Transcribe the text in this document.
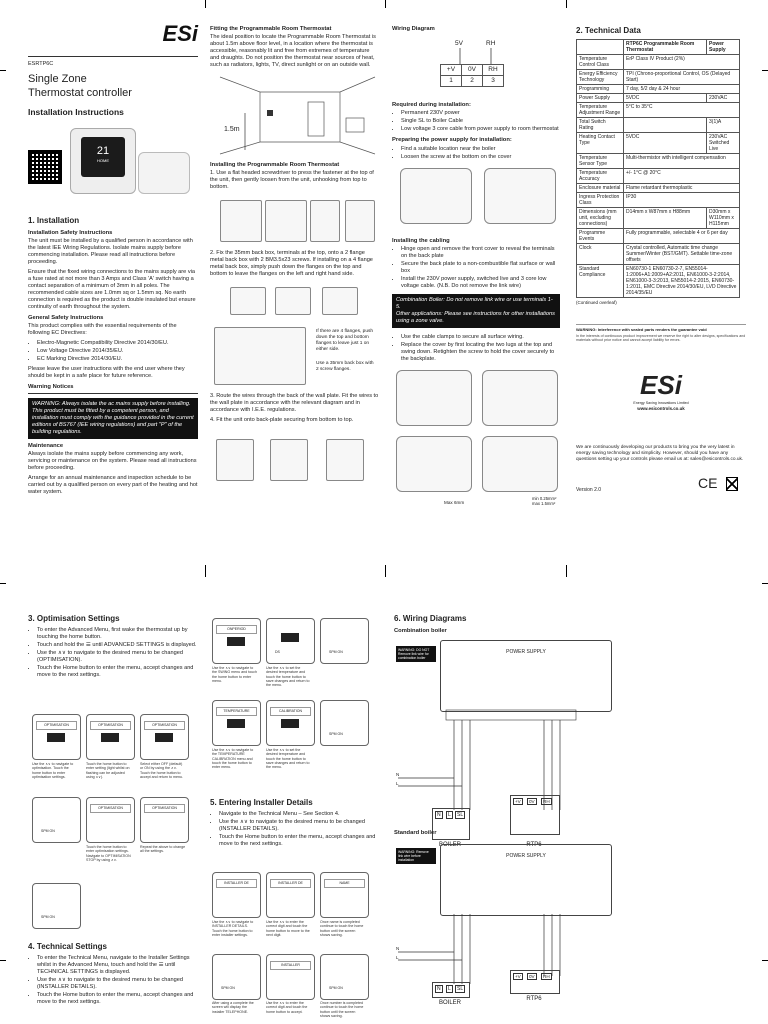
ESi
ESRTP6C
Single Zone
Thermostat controller
Installation Instructions
21
HOME
1. Installation
Installation Safety Instructions

The unit must be installed by a qualified person in accordance with the latest IEE Wiring Regulations. Isolate mains supply before commencing installation. Please read all instructions before proceeding.

Ensure that the fixed wiring connections to the mains supply are via a fuse rated at not more than 3 Amps and Class 'A' switch having a contact separation of a minimum of 3mm in all poles. The recommended cable sizes are 1.0mm sq or 1.5mm sq. No earth connection is required as the product is double insulated but ensure continuity of earth throughout the system.

General Safety Instructions

This product complies with the essential requirements of the following EC Directives:

• Electro-Magnetic Compatibility Directive 2014/30/EU.
• Low Voltage Directive 2014/35/EU.
• EC Marking Directive 2014/30/EU.

Please leave the user instructions with the end user where they should be kept in a safe place for future reference.

Warning Notices
WARNING: Always isolate the ac mains supply before installing. This product must be fitted by a competent person, and installation must comply with the guidance provided in the current editions of BS767 (IEE wiring regulations) and part "P" of the building regulations.
Maintenance

Always isolate the mains supply before commencing any work, servicing or maintenance on the system. Please read all instructions before proceeding.

Arrange for an annual maintenance and inspection schedule to be carried out by a qualified person on every part of the heating and hot water system.

Fitting the Programmable Room Thermostat

The ideal position to locate the Programmable Room Thermostat is about 1.5m above floor level, in a location where the thermostat is accessible, reasonably lit and free from extremes of temperature and draughts. Do not position the thermostat near sources of heat, such as radiators, lights, TV, direct sunlight or on an outside wall.

1.5m
Installing the Programmable Room Thermostat

1. Use a flat headed screwdriver to press the fastener at the top of the unit, then gently loosen from the unit, unhooking from top to bottom.

2. Fix the 35mm back box, terminals at the top, onto a 2 flange metal back box with 2 BM3.5x23 screws. If installing on a 4 flange metal back box, simply push down the flanges on the top and bottom to leave the flanges on the left and right hand side.

If there are 4 flanges, push down the top and bottom flanges to leave just 1 on either side.
Use a 35mm back box with 2 screw flanges.

3. Route the wires through the back of the wall plate. Fit the wires to the wall plate in accordance with the relevant diagram and in accordance with I.E.E. regulations.

4. Fit the unit onto back-plate securing from bottom to top.

Wiring Diagram
5V	RH
+V	0V	RH
1	2	3
Required during installation:
• Permanent 230V power
• Single SL to Boiler Cable
• Low voltage 3 core cable from power supply to room thermostat
Preparing the power supply for installation:
• Find a suitable location near the boiler
• Loosen the screw at the bottom on the cover
Installing the cabling
• Hinge open and remove the front cover to reveal the terminals on the back plate
• Secure the back plate to a non-combustible flat surface or wall box
• Install the 230V power supply, switched live and 3 core low voltage cable. (N.B. Do not remove the link wire)
Combination Boiler: Do not remove link wire or use terminals 1-5.
Other applications: Please see instructions for other installations using a zone valve.
• Use the cable clamps to secure all surface wiring.
• Replace the cover by first locating the two lugs at the top and swing down. Retighten the screw to hold the cover securely to the backplate.
Max 6mm
min 0.25mm² max 1.5mm²
2. Technical Data
	RTP6C Programmable Room Thermostat	Power Supply
Temperature Control Class	ErP Class IV Product (2%)	
Energy Efficiency Technology	TPI (Chrono-proportional Control, OS (Delayed Start)	
Programming	7 day, 5/2 day & 24 hour	
Power Supply	5VDC	230VAC
Temperature Adjustment Range	5°C to 35°C	
Total Switch Rating		3(1)A
Heating Contact Type	5VDC	230VAC Switched Live
Temperature Sensor Type	Multi-thermistor with intelligent compensation	
Temperature Accuracy	+/- 1°C @ 20°C	
Enclosure material	Flame retardant thermoplastic	
Ingress Protection Class	IP30	
Dimensions (mm unit, excluding connections)	D14mm x W87mm x H88mm	D30mm x W110mm x H115mm
Programme Events	Fully programmable, selectable 4 or 6 per day	
Clock	Crystal controlled, Automatic time change Summer/Winter (BST/GMT). Settable time-zone offsets	
Standard Compliance	EN60730-1 EN60730-2-7, EN55014-1:2006+A1:2009+A2:2011, EN61000-3-2:2014, EN61000-3-3:2013, EN55014-2:2015, EN60730-1:2011, EMC Directive 2014/30/EU, LVD Directive 2014/35/EU	
(Continued overleaf)
WARNING: Interference with sealed parts renders the guarantee void
In the interests of continuous product improvement we reserve the right to alter designs, specifications and materials without prior notice and cannot accept liability for errors.
ESi
Energy Saving Innovations Limited
www.esicontrols.co.uk
We are continuously developing our products to bring you the very latest in energy saving technology and simplicity. However, should you have any questions setting up your controls please email us at: sales@esicontrols.co.uk.
Version 2.0	CE
3. Optimisation Settings
• To enter the Advanced Menu, first wake the thermostat up by touching the home button.
• Touch and hold the ☰ until ADVANCED SETTINGS is displayed.
• Use the ∧∨ to navigate to the desired menu to be changed (OPTIMISATION).
• Touch the Home button to enter the menu, accept changes and move to the next settings.
OPTIMISATION	OPTIMISATION	OPTIMISATION
Use the ∧∨ to navigate to optimisation. Touch the home button to enter optimisation settings.
Touch the home button to enter setting (light whilst on flashing can be adjusted using ∧∨).
Select either OFF (default) or ON by using the ∧∨. Touch the home button to accept and return to menu.
SPM ON
OPTIMISATION	OPTIMISATION
Touch the home button to enter optimisation settings. Navigate to OPTIMISATION STOP by using ∧∨.
Repeat the above to change all the settings.
SPM ON
4. Technical Settings
• To enter the Technical Menu, navigate to the Installer Settings whilst in the Advanced Menu, touch and hold the ☰ until TECHNICAL SETTINGS is displayed.
• Use the ∧∨ to navigate to the desired menu to be changed (INSTALLER DETAILS).
• Touch the Home button to enter the menu, accept changes and move to the next settings.
ONPERIOD
DS	SPM ON
Use the ∧∨ to navigate to the SWING menu and touch the home button to enter menu.
Use the ∧∨ to set the desired temperature and touch the home button to save changes and return to the menu.
TEMPERATURE	CALIBRATION
SPM ON
Use the ∧∨ to navigate to the TEMPERATURE CALIBRATION menu and touch the home button to enter menu.
Use the ∧∨ to set the desired temperature and touch the home button to save changes and return to the menu.
5. Entering Installer Details
• Navigate to the Technical Menu – See Section 4.
• Use the ∧∨ to navigate to the desired menu to be changed (INSTALLER DETAILS).
• Touch the Home button to enter the menu, accept changes and move to the next settings.
INSTALLER DE	INSTALLER DE	NAME
Use the ∧∨ to navigate to INSTALLER DETAILS. Touch the home button to enter installer settings.
Use the ∧∨ to enter the correct digit and touch the home button to move to the next digit.
Once name is completed continue to touch the home button until the screen shows saving.
SPM ON
INSTALLER
SPM ON
After using a complete the screen will display the installer TELEPHONE.
Use the ∧∨ to enter the correct digit and touch the home button to accept.
Once number is completed continue to touch the home button until the screen shows saving.
6. Wiring Diagrams
Combination boiler
WARNING: DO NOT Remove link wire for combination boiler
POWER SUPPLY
N	L	SL
BOILER
+V	0V	RH
RTP6
N
L
Standard boiler
WARNING: Remove link wire before installation
POWER SUPPLY
N	L	SL
BOILER
+V	0V	RH
RTP6
N
L
